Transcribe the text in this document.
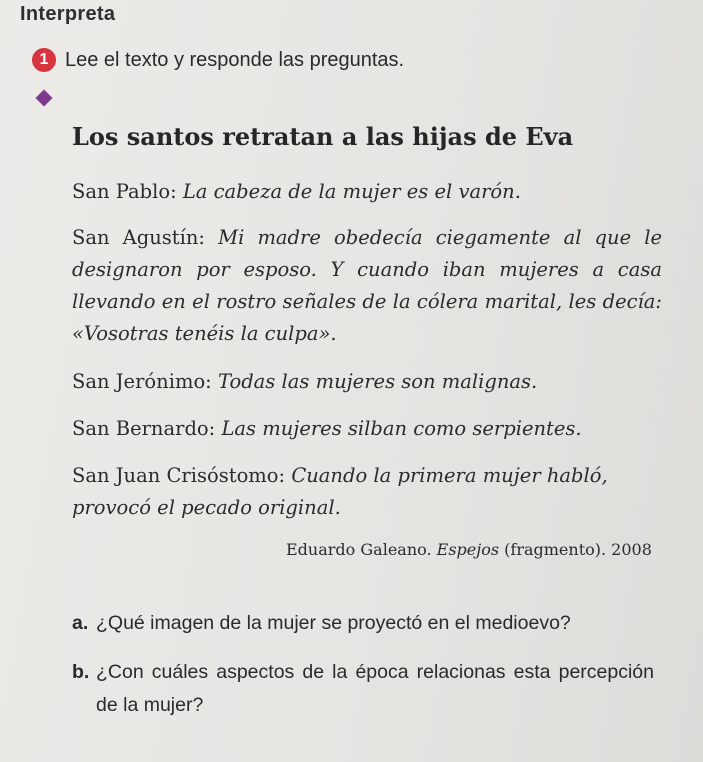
Interpreta
1 Lee el texto y responde las preguntas.
Los santos retratan a las hijas de Eva

San Pablo: La cabeza de la mujer es el varón.

San Agustín: Mi madre obedecía ciegamente al que le designaron por esposo. Y cuando iban mujeres a casa llevando en el rostro señales de la cólera marital, les decía: «Vosotras tenéis la culpa».

San Jerónimo: Todas las mujeres son malignas.

San Bernardo: Las mujeres silban como serpientes.

San Juan Crisóstomo: Cuando la primera mujer habló, provocó el pecado original.

Eduardo Galeano. Espejos (fragmento). 2008
a. ¿Qué imagen de la mujer se proyectó en el medioevo?
b. ¿Con cuáles aspectos de la época relacionas esta percepción de la mujer?
